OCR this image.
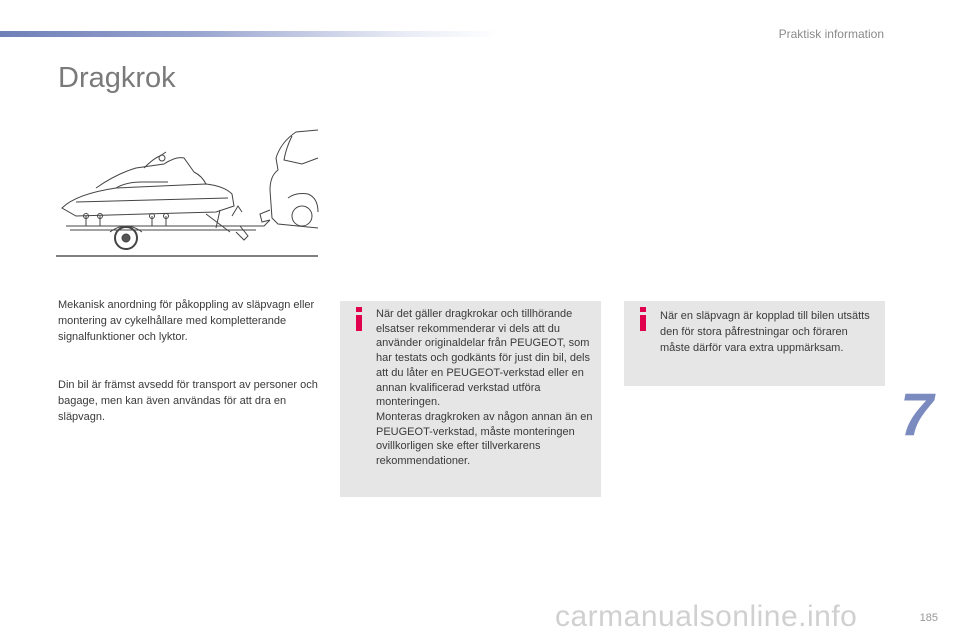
Praktisk information
Dragkrok

Mekanisk anordning för påkoppling av släpvagn eller montering av cykelhållare med kompletterande signalfunktioner och lyktor.

Din bil är främst avsedd för transport av personer och bagage, men kan även användas för att dra en släpvagn.

När det gäller dragkrokar och tillhörande elsatser rekommenderar vi dels att du använder originaldelar från PEUGEOT, som har testats och godkänts för just din bil, dels att du låter en PEUGEOT-verkstad eller en annan kvalificerad verkstad utföra monteringen.
Monteras dragkroken av någon annan än en PEUGEOT-verkstad, måste monteringen ovillkorligen ske efter tillverkarens rekommendationer.

När en släpvagn är kopplad till bilen utsätts den för stora påfrestningar och föraren måste därför vara extra uppmärksam.

7
185
carmanualsonline.info
